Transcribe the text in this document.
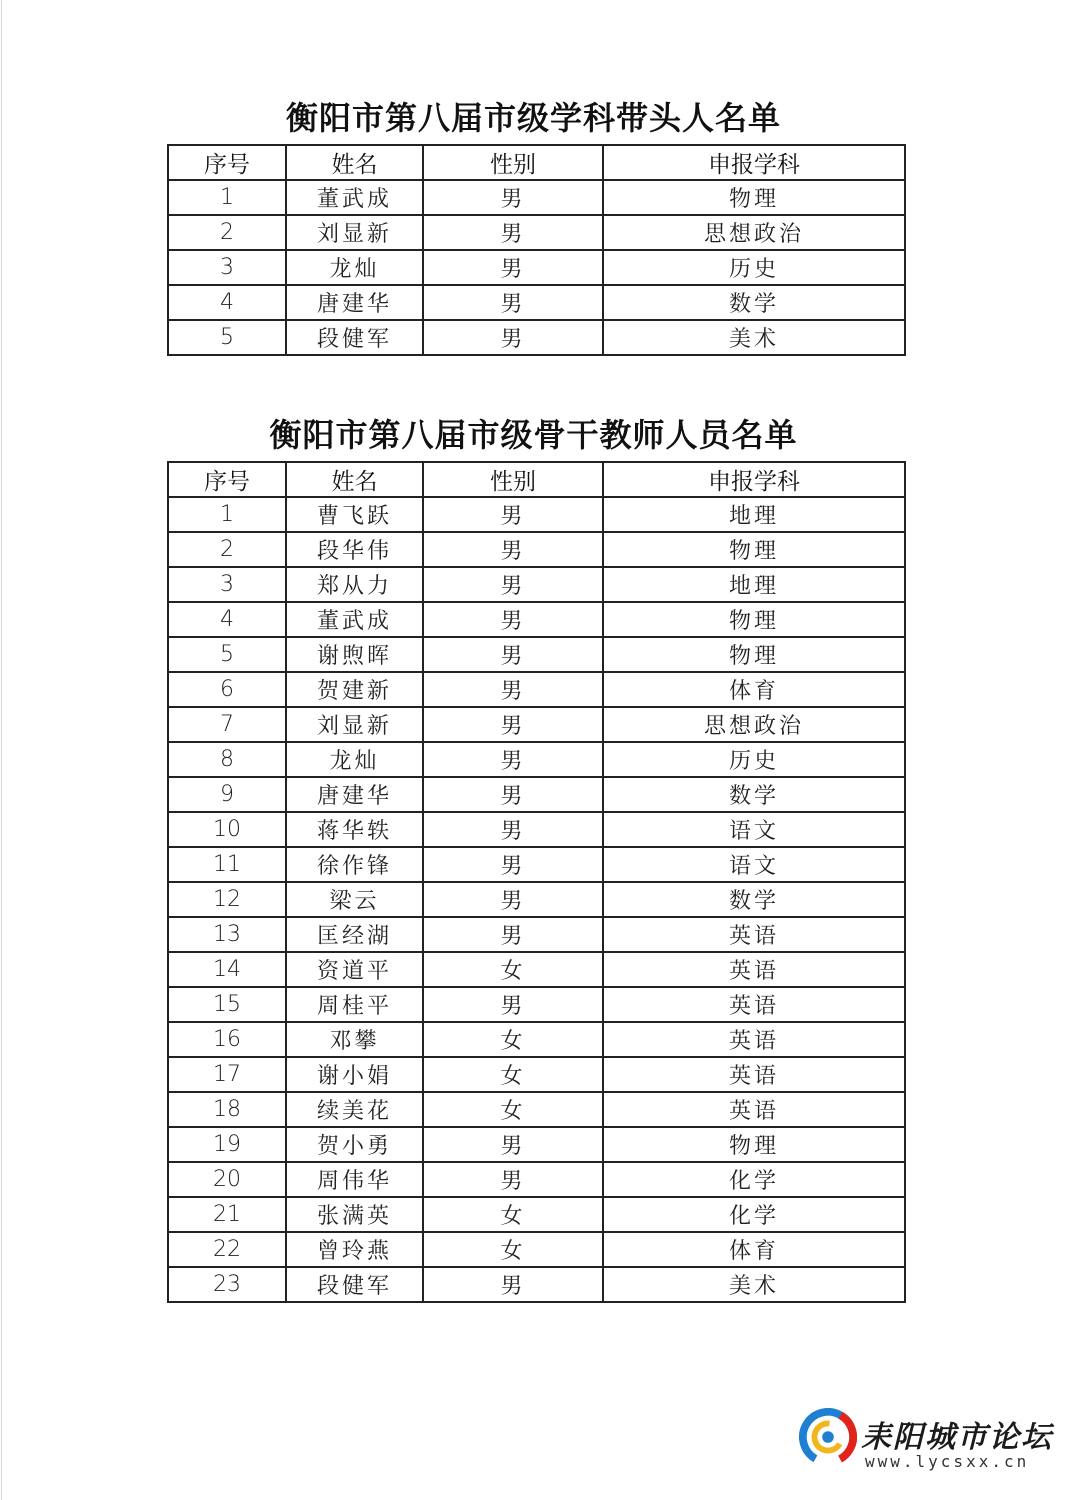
衡阳市第八届市级学科带头人名单
序号	姓名	性别	申报学科
1	董武成	男	物理
2	刘显新	男	思想政治
3	龙灿	男	历史
4	唐建华	男	数学
5	段健军	男	美术
衡阳市第八届市级骨干教师人员名单
序号	姓名	性别	申报学科
1	曹飞跃	男	地理
2	段华伟	男	物理
3	郑从力	男	地理
4	董武成	男	物理
5	谢煦晖	男	物理
6	贺建新	男	体育
7	刘显新	男	思想政治
8	龙灿	男	历史
9	唐建华	男	数学
10	蒋华轶	男	语文
11	徐作锋	男	语文
12	梁云	男	数学
13	匡经湖	男	英语
14	资道平	女	英语
15	周桂平	男	英语
16	邓攀	女	英语
17	谢小娟	女	英语
18	续美花	女	英语
19	贺小勇	男	物理
20	周伟华	男	化学
21	张满英	女	化学
22	曾玲燕	女	体育
23	段健军	男	美术
耒阳城市论坛
www.lycsxx.cn
